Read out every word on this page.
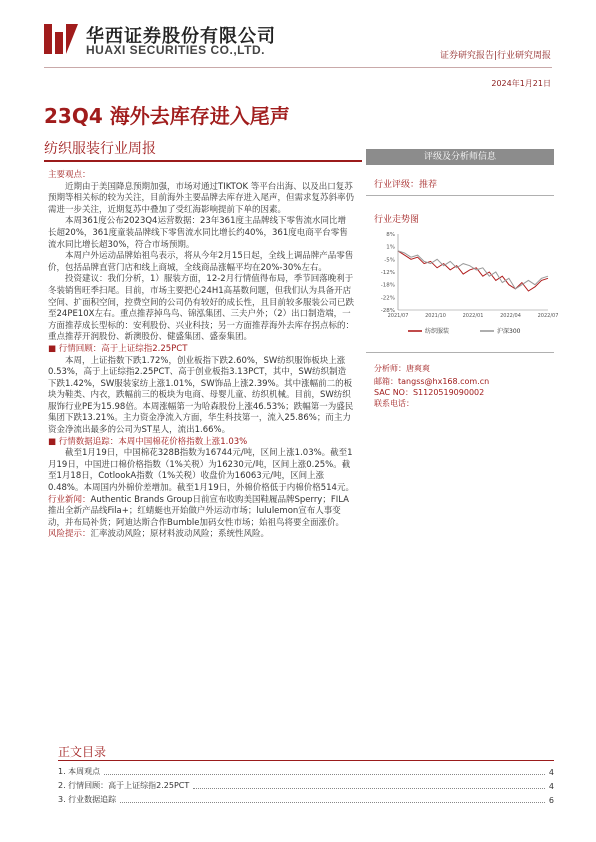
华西证券股份有限公司
HUAXI SECURITIES CO.,LTD.	证券研究报告|行业研究周报
2024年1月21日
23Q4 海外去库存进入尾声
纺织服装行业周报

主要观点：

近期由于美国降息预期加强，市场对通过TIKTOK 等平台出海、以及出口复苏预期等相关标的较为关注，目前海外主要品牌去库存进入尾声，但需求复苏斜率仍需进一步关注，近期复苏中叠加了受红海影响提前下单的因素。

本周361度公布2023Q4运营数据：23年361度主品牌线下零售流水同比增长超20%，361度童装品牌线下零售流水同比增长约40%，361度电商平台零售流水同比增长超30%，符合市场预期。

本周户外运动品牌始祖鸟表示，将从今年2月15日起，全线上调品牌产品零售价，包括品牌直营门店和线上商城，全线商品涨幅平均在20%-30%左右。

投资建议：我们分析，1）服装方面，12-2月行情值得布局，季节回落晚利于冬装销售旺季扫尾。目前，市场主要把心24H1高基数问题，但我们认为具备开店空间、扩面积空间，控费空间的公司仍有较好的成长性，且目前较多服装公司已跌至24PE10X左右。重点推荐掉鸟鸟、锦泓集团、三夫户外；（2）出口制造端，一方面推荐成长型标的：安利股份、兴业科技；另一方面推荐海外去库存拐点标的：重点推荐开润股份、新澳股份、健盛集团、盛泰集团。

■ 行情回顾：高于上证综指2.25PCT

本周，上证指数下跌1.72%，创业板指下跌2.60%，SW纺织服饰板块上涨0.53%，高于上证综指2.25PCT、高于创业板指3.13PCT，其中，SW纺织制造下跌1.42%，SW服装家纺上涨1.01%，SW饰品上涨2.39%。其中涨幅前二的板块为鞋类、内衣，跌幅前三的板块为电商、母婴儿童、纺织机械。目前，SW纺织服饰行业PE为15.98倍。本周涨幅第一为哈森股份上涨46.53%；跌幅第一为盛民集团下跌13.21%。主力资金净流入方面，华生科技第一，流入25.86%；而主力资金净流出最多的公司为ST星人，流出1.66%。

■ 行情数据追踪：本周中国棉花价格指数上涨1.03%

截至1月19日，中国棉花328B指数为16744元/吨，区间上涨1.03%。截至1月19日，中国进口棉价格指数（1%关税）为16230元/吨，区间上涨0.25%。截至1月18日，CotlookA指数（1%关税）收盘价为16063元/吨，区间上涨0.48%。本周国内外棉价差增加。截至1月19日，外棉价格低于内棉价格514元。

行业新闻：Authentic Brands Group日前宣布收购美国鞋履品牌Sperry；FILA推出全新产品线Fila+；红蜻蜓也开始做户外运动市场；lululemon宣布人事变动，并布局补货；阿迪达斯合作Bumble加码女性市场；始祖鸟将要全面涨价。

风险提示：汇率波动风险；原材料波动风险；系统性风险。

评级及分析师信息
行业评级：推荐
行业走势图
8%
1%
-5%
-12%
-18%
-22%
-28%
2021/07	2021/10	2022/01	2022/04	2022/07
纺织服装	沪深300
分析师：唐爽爽
邮箱：tangss@hx168.com.cn
SAC NO：S1120519090002
联系电话：
正文目录
1. 本周观点	4
2. 行情回顾：高于上证综指2.25PCT	4
3. 行业数据追踪	6
